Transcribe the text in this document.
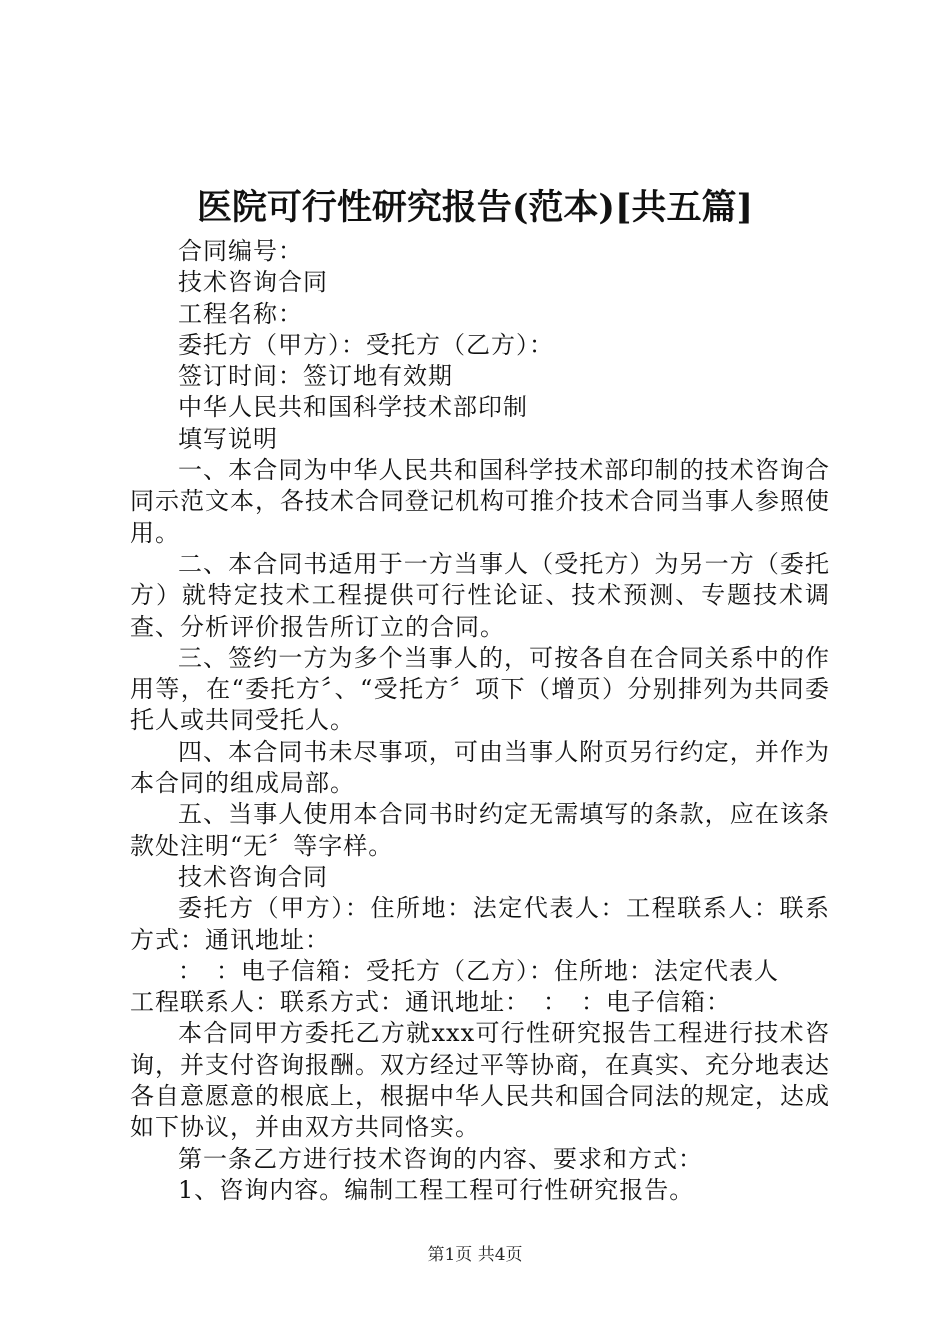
医院可行性研究报告(范本)[共五篇]

合同编号：

技术咨询合同

工程名称：

委托方（甲方）：受托方（乙方）：

签订时间：签订地有效期

中华人民共和国科学技术部印制

填写说明

一、本合同为中华人民共和国科学技术部印制的技术咨询合同示范文本，各技术合同登记机构可推介技术合同当事人参照使用。

二、本合同书适用于一方当事人（受托方）为另一方（委托方）就特定技术工程提供可行性论证、技术预测、专题技术调查、分析评价报告所订立的合同。

三、签约一方为多个当事人的，可按各自在合同关系中的作用等，在“委托方〞、“受托方〞项下（增页）分别排列为共同委托人或共同受托人。

四、本合同书未尽事项，可由当事人附页另行约定，并作为本合同的组成局部。

五、当事人使用本合同书时约定无需填写的条款，应在该条款处注明“无〞等字样。

技术咨询合同

委托方（甲方）：住所地：法定代表人：工程联系人：联系方式：通讯地址：

：　：电子信箱：受托方（乙方）：住所地：法定代表人

工程联系人：联系方式：通讯地址：　：　：电子信箱：

本合同甲方委托乙方就xxx可行性研究报告工程进行技术咨询，并支付咨询报酬。双方经过平等协商，在真实、充分地表达各自意愿意的根底上，根据中华人民共和国合同法的规定，达成如下协议，并由双方共同恪实。

第一条乙方进行技术咨询的内容、要求和方式：

1、咨询内容。编制工程工程可行性研究报告。

第1页 共4页
